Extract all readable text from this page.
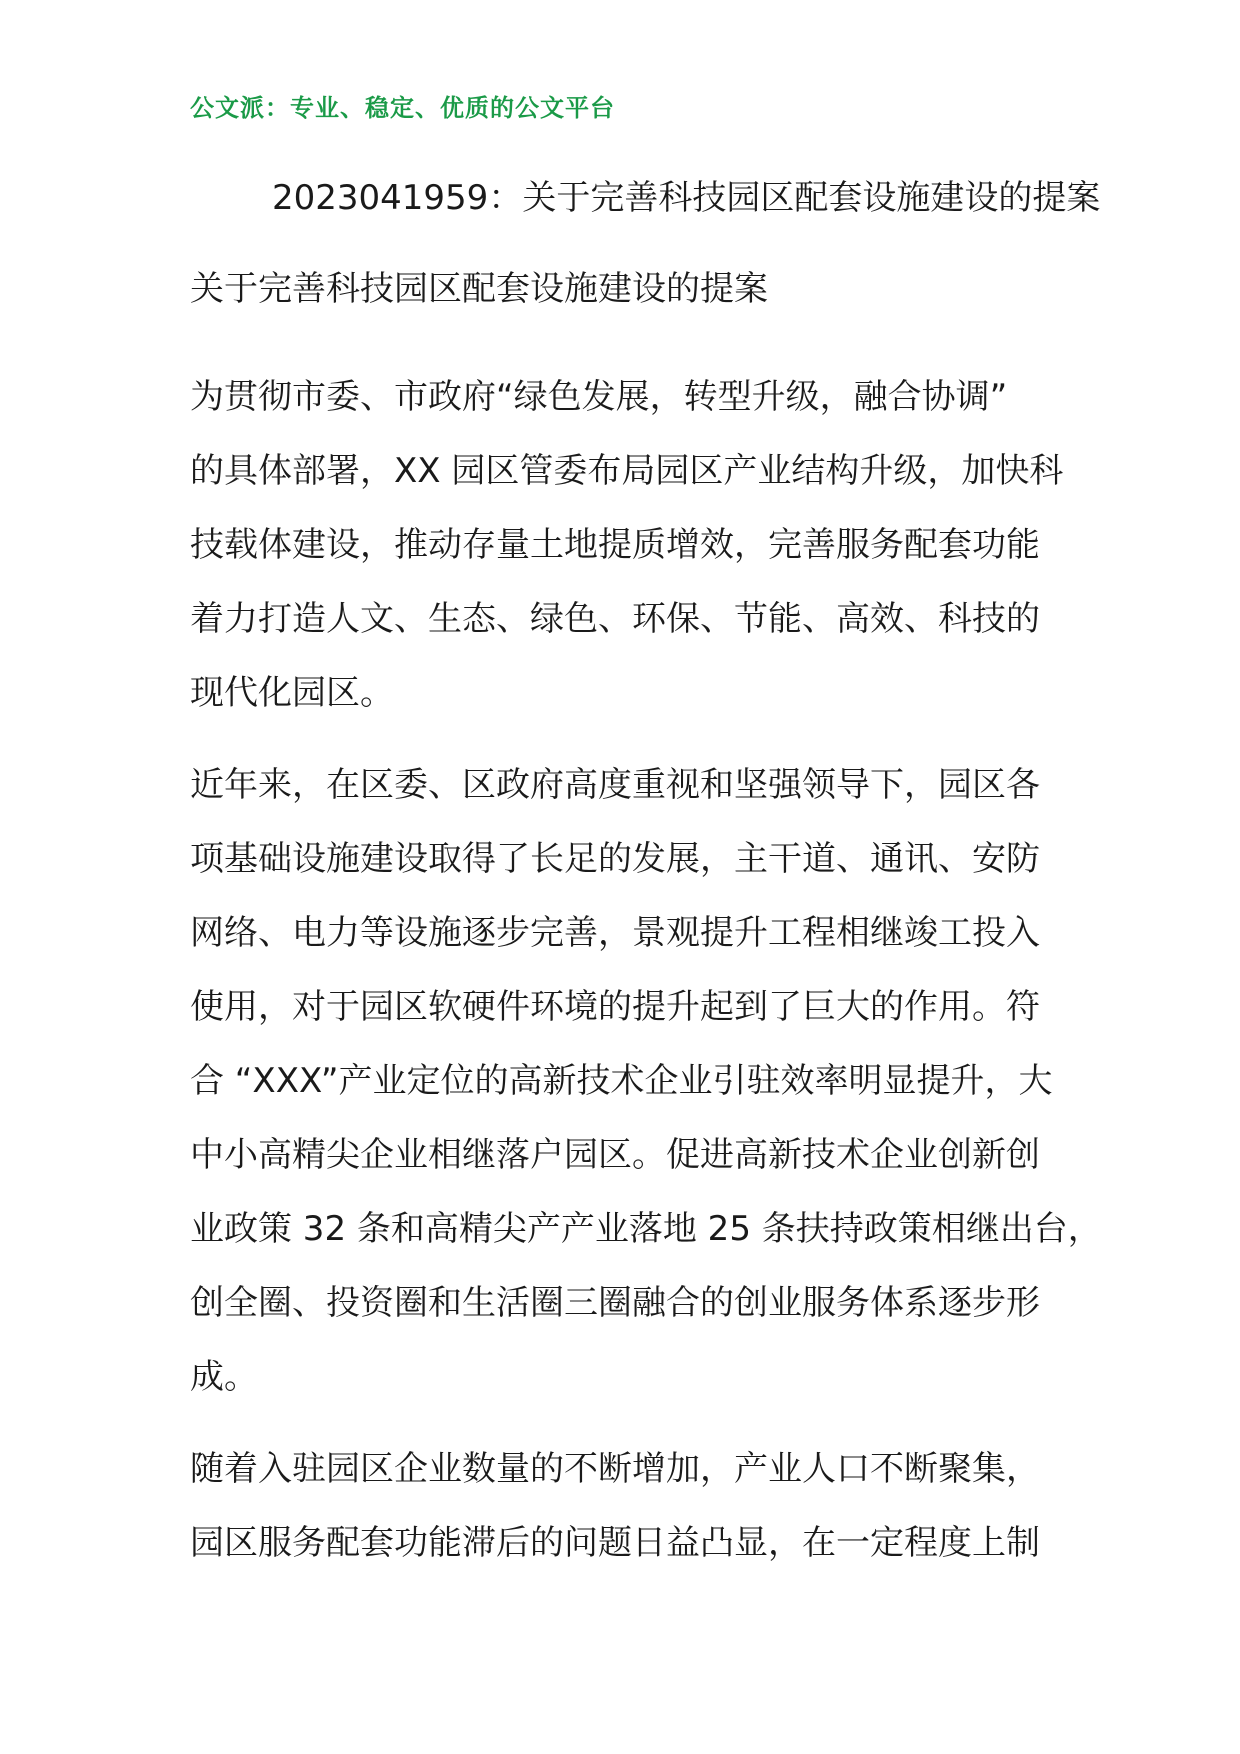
公文派：专业、稳定、优质的公文平台
2023041959：关于完善科技园区配套设施建设的提案
关于完善科技园区配套设施建设的提案
为贯彻市委、市政府“绿色发展，转型升级，融合协调”
的具体部署，XX 园区管委布局园区产业结构升级，加快科
技载体建设，推动存量土地提质增效，完善服务配套功能
着力打造人文、生态、绿色、环保、节能、高效、科技的
现代化园区。
近年来，在区委、区政府高度重视和坚强领导下，园区各
项基础设施建设取得了长足的发展，主干道、通讯、安防
网络、电力等设施逐步完善，景观提升工程相继竣工投入
使用，对于园区软硬件环境的提升起到了巨大的作用。符
合 “XXX”产业定位的高新技术企业引驻效率明显提升，大
中小高精尖企业相继落户园区。促进高新技术企业创新创
业政策 32 条和高精尖产产业落地 25 条扶持政策相继出台，
创全圈、投资圈和生活圈三圈融合的创业服务体系逐步形
成。
随着入驻园区企业数量的不断增加，产业人口不断聚集，
园区服务配套功能滞后的问题日益凸显，在一定程度上制
